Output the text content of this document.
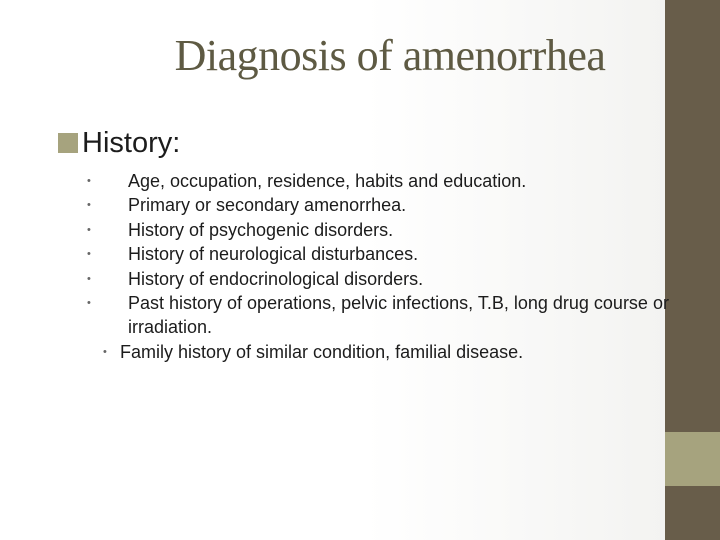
Diagnosis of amenorrhea
History:
• Age, occupation, residence, habits and education.
• Primary or secondary amenorrhea.
• History of psychogenic disorders.
• History of neurological disturbances.
• History of endocrinological disorders.
• Past history of operations, pelvic infections, T.B, long drug course or irradiation.
• Family history of similar condition, familial disease.
